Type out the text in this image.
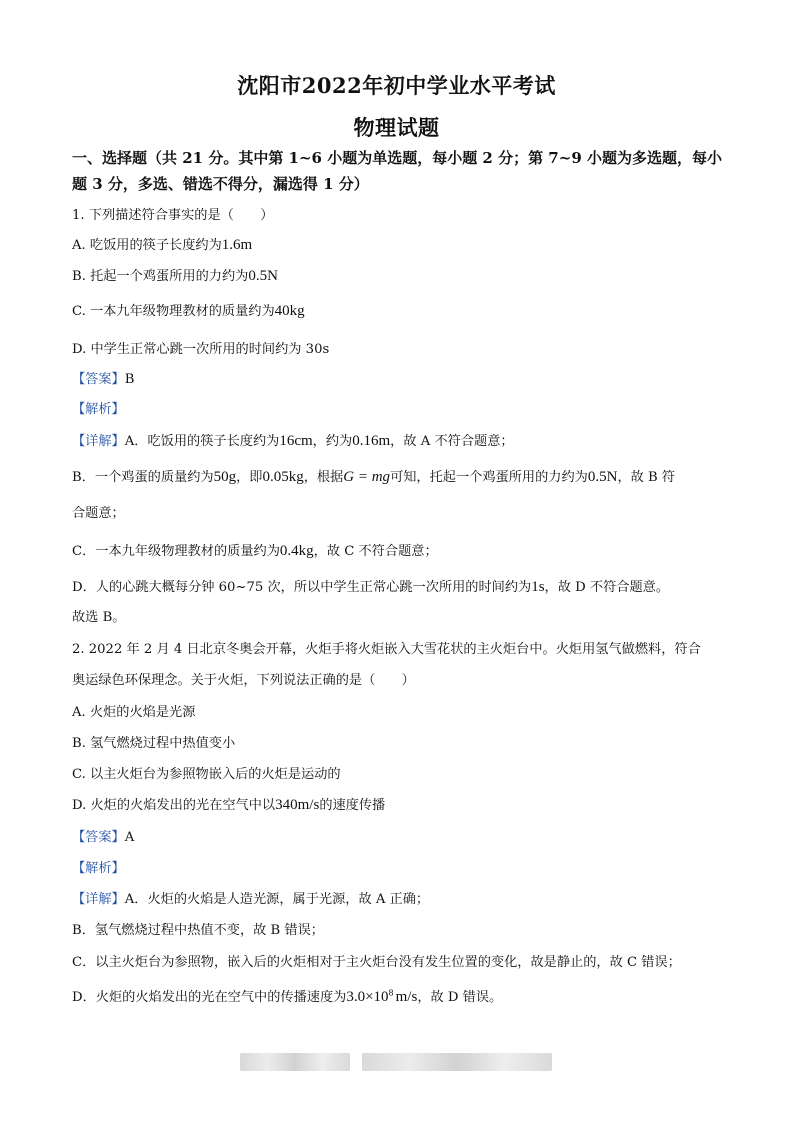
沈阳市2022年初中学业水平考试
物理试题
一、选择题（共 21 分。其中第 1~6 小题为单选题，每小题 2 分；第 7~9 小题为多选题，每小
题 3 分，多选、错选不得分，漏选得 1 分）
1. 下列描述符合事实的是（　　）
A. 吃饭用的筷子长度约为1.6m
B. 托起一个鸡蛋所用的力约为0.5N
C. 一本九年级物理教材的质量约为40kg
D. 中学生正常心跳一次所用的时间约为 30s
【答案】B
【解析】
【详解】A．吃饭用的筷子长度约为16cm，约为0.16m，故 A 不符合题意；
B．一个鸡蛋的质量约为50g，即0.05kg，根据G = mg可知，托起一个鸡蛋所用的力约为0.5N，故 B 符
合题意；
C．一本九年级物理教材的质量约为0.4kg，故 C 不符合题意；
D．人的心跳大概每分钟 60~75 次，所以中学生正常心跳一次所用的时间约为1s，故 D 不符合题意。
故选 B。
2. 2022 年 2 月 4 日北京冬奥会开幕，火炬手将火炬嵌入大雪花状的主火炬台中。火炬用氢气做燃料，符合
奥运绿色环保理念。关于火炬，下列说法正确的是（　　）
A. 火炬的火焰是光源
B. 氢气燃烧过程中热值变小
C. 以主火炬台为参照物嵌入后的火炬是运动的
D. 火炬的火焰发出的光在空气中以340m/s的速度传播
【答案】A
【解析】
【详解】A．火炬的火焰是人造光源，属于光源，故 A 正确；
B．氢气燃烧过程中热值不变，故 B 错误；
C．以主火炬台为参照物，嵌入后的火炬相对于主火炬台没有发生位置的变化，故是静止的，故 C 错误；
D．火炬的火焰发出的光在空气中的传播速度为$3.0\times 10^8$ m/s，故 D 错误。
